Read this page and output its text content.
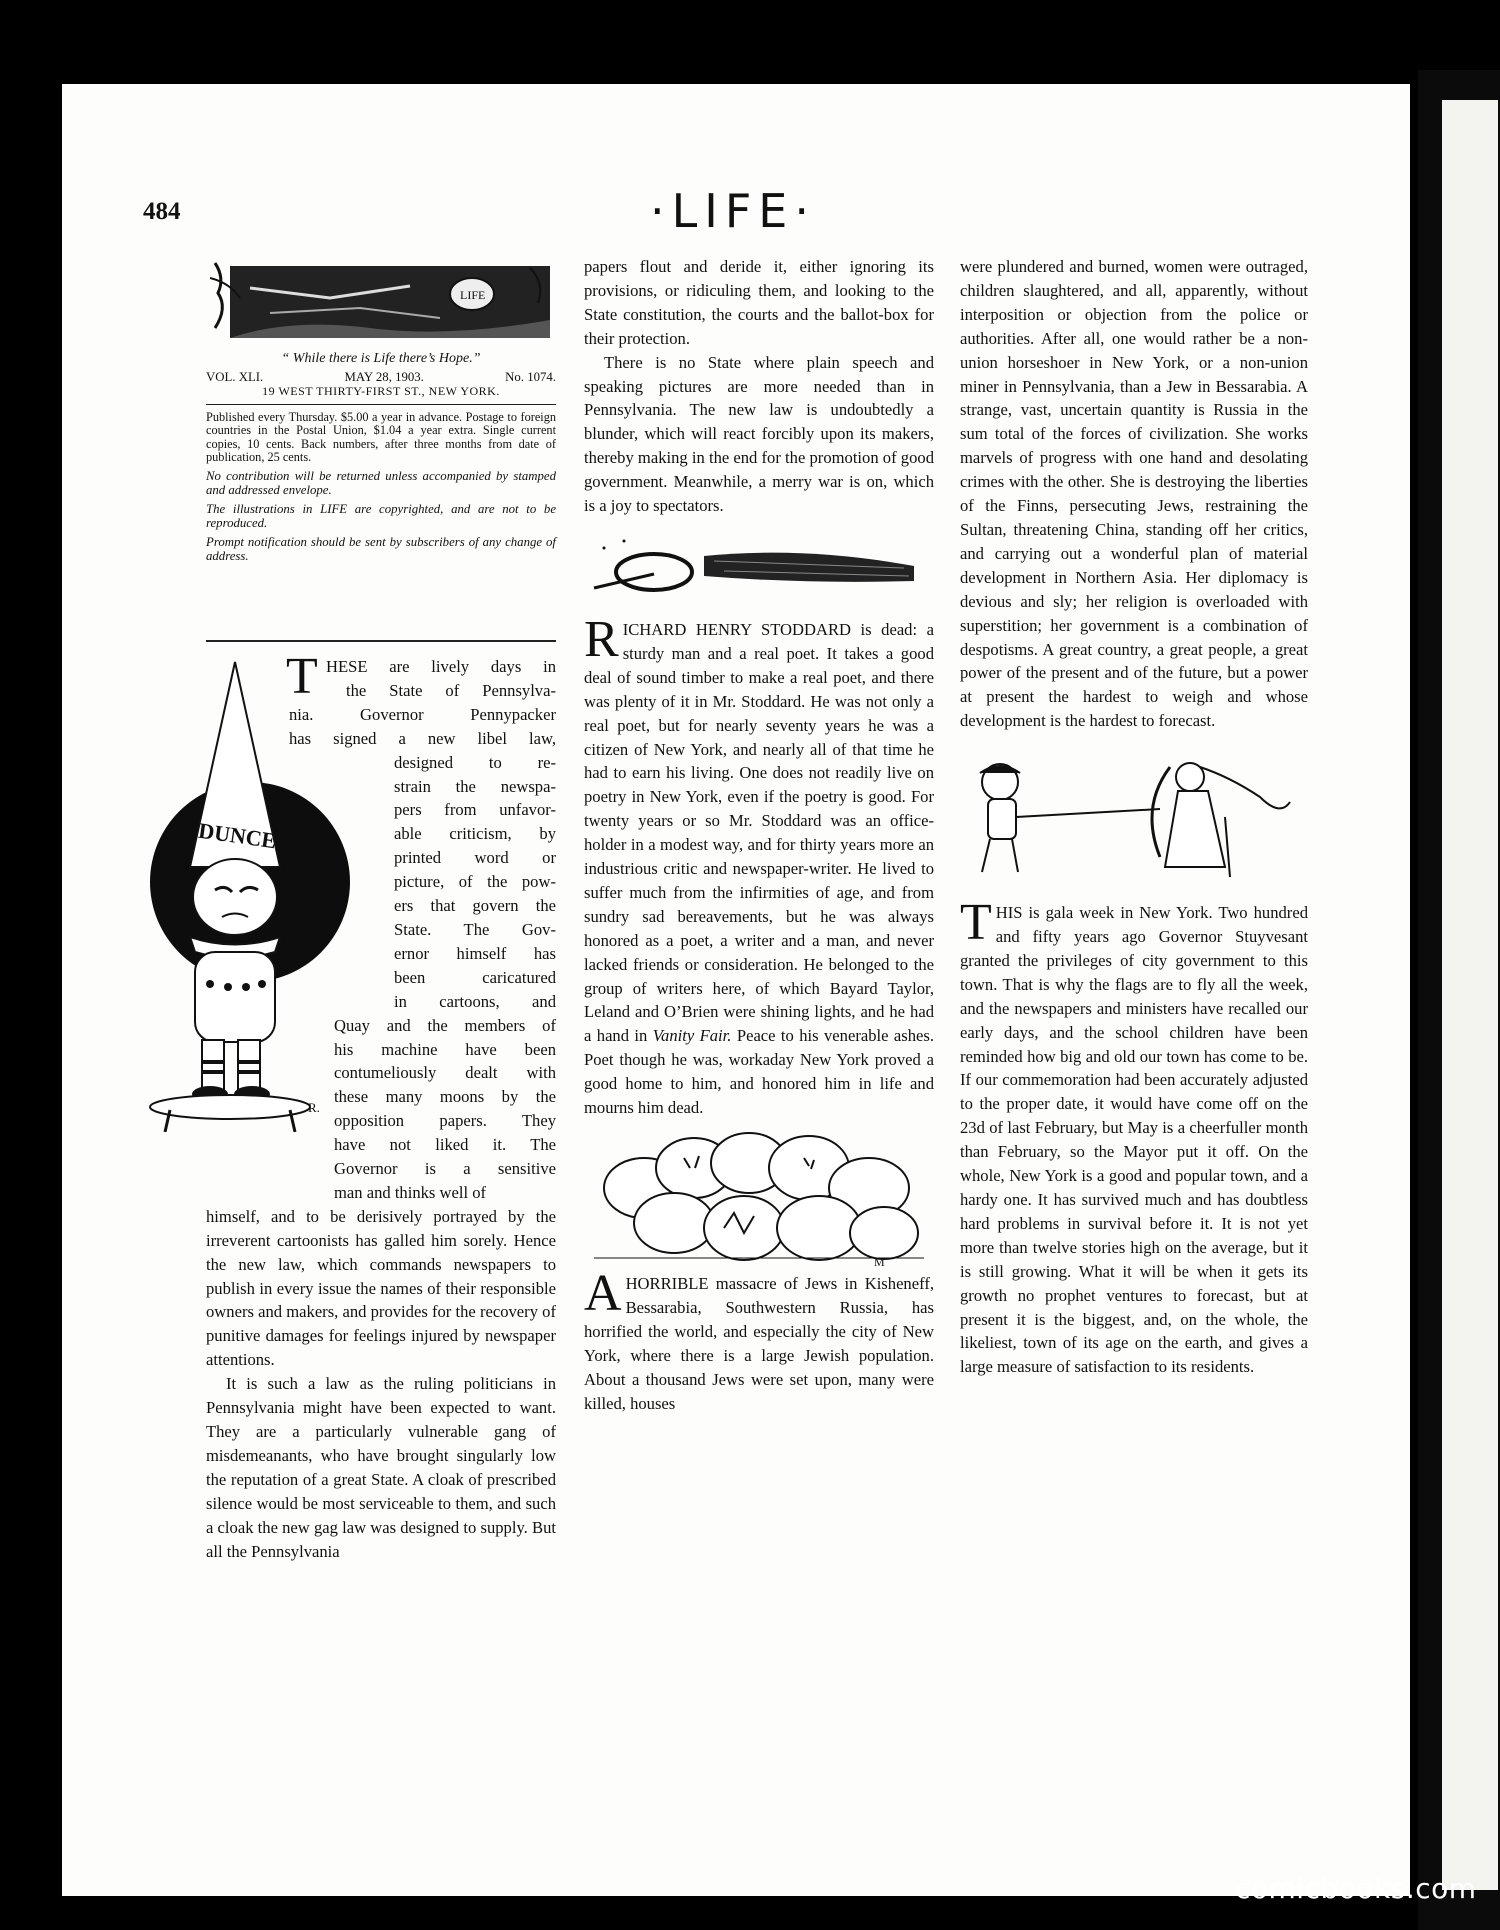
484	·LIFE·
LIFE
“ While there is Life there’s Hope.”
VOL. XLI.	MAY 28, 1903.	No. 1074.
19 WEST THIRTY-FIRST ST., NEW YORK.

Published every Thursday. $5.00 a year in advance. Postage to foreign countries in the Postal Union, $1.04 a year extra. Single current copies, 10 cents. Back numbers, after three months from date of publication, 25 cents.

No contribution will be returned unless accompanied by stamped and addressed envelope.

The illustrations in LIFE are copyrighted, and are not to be reproduced.

Prompt notification should be sent by subscribers of any change of address.

DUNCE
R.
T HESE are lively days in
the State of Pennsylva-
nia. Governor Pennypacker
has signed a new libel law,
designed to re-
strain the newspa-
pers from unfavor-
able criticism, by
printed word or
picture, of the pow-
ers that govern the
State. The Gov-
ernor himself has
been caricatured
in cartoons, and
Quay and the members of
his machine have been
contumeliously dealt with
these many moons by the
opposition papers. They
have not liked it. The
Governor is a sensitive
man and thinks well of

himself, and to be derisively portrayed by the irreverent cartoonists has galled him sorely. Hence the new law, which commands newspapers to publish in every issue the names of their responsible owners and makers, and provides for the recovery of punitive damages for feelings injured by newspaper attentions.

It is such a law as the ruling politicians in Pennsylvania might have been expected to want. They are a particularly vulnerable gang of misdemeanants, who have brought singularly low the reputation of a great State. A cloak of prescribed silence would be most serviceable to them, and such a cloak the new gag law was designed to supply. But all the Pennsylvania

papers flout and deride it, either ignoring its provisions, or ridiculing them, and looking to the State constitution, the courts and the ballot-box for their protection.

There is no State where plain speech and speaking pictures are more needed than in Pennsylvania. The new law is undoubtedly a blunder, which will react forcibly upon its makers, thereby making in the end for the promotion of good government. Meanwhile, a merry war is on, which is a joy to spectators.

RICHARD HENRY STODDARD is dead: a sturdy man and a real poet. It takes a good deal of sound timber to make a real poet, and there was plenty of it in Mr. Stoddard. He was not only a real poet, but for nearly seventy years he was a citizen of New York, and nearly all of that time he had to earn his living. One does not readily live on poetry in New York, even if the poetry is good. For twenty years or so Mr. Stoddard was an office-holder in a modest way, and for thirty years more an industrious critic and newspaper-writer. He lived to suffer much from the infirmities of age, and from sundry sad bereavements, but he was always honored as a poet, a writer and a man, and never lacked friends or consideration. He belonged to the group of writers here, of which Bayard Taylor, Leland and O’Brien were shining lights, and he had a hand in Vanity Fair. Peace to his venerable ashes. Poet though he was, workaday New York proved a good home to him, and honored him in life and mourns him dead.

M

AHORRIBLE massacre of Jews in Kisheneff, Bessarabia, Southwestern Russia, has horrified the world, and especially the city of New York, where there is a large Jewish population. About a thousand Jews were set upon, many were killed, houses

were plundered and burned, women were outraged, children slaughtered, and all, apparently, without interposition or objection from the police or authorities. After all, one would rather be a non-union horseshoer in New York, or a non-union miner in Pennsylvania, than a Jew in Bessarabia. A strange, vast, uncertain quantity is Russia in the sum total of the forces of civilization. She works marvels of progress with one hand and desolating crimes with the other. She is destroying the liberties of the Finns, persecuting Jews, restraining the Sultan, threatening China, standing off her critics, and carrying out a wonderful plan of material development in Northern Asia. Her diplomacy is devious and sly; her religion is overloaded with superstition; her government is a combination of despotisms. A great country, a great people, a great power of the present and of the future, but a power at present the hardest to weigh and whose development is the hardest to forecast.

THIS is gala week in New York. Two hundred and fifty years ago Governor Stuyvesant granted the privileges of city government to this town. That is why the flags are to fly all the week, and the newspapers and ministers have recalled our early days, and the school children have been reminded how big and old our town has come to be. If our commemoration had been accurately adjusted to the proper date, it would have come off on the 23d of last February, but May is a cheerfuller month than February, so the Mayor put it off. On the whole, New York is a good and popular town, and a hardy one. It has survived much and has doubtless hard problems in survival before it. It is not yet more than twelve stories high on the average, but it is still growing. What it will be when it gets its growth no prophet ventures to forecast, but at present it is the biggest, and, on the whole, the likeliest, town of its age on the earth, and gives a large measure of satisfaction to its residents.

comicbooks.com
